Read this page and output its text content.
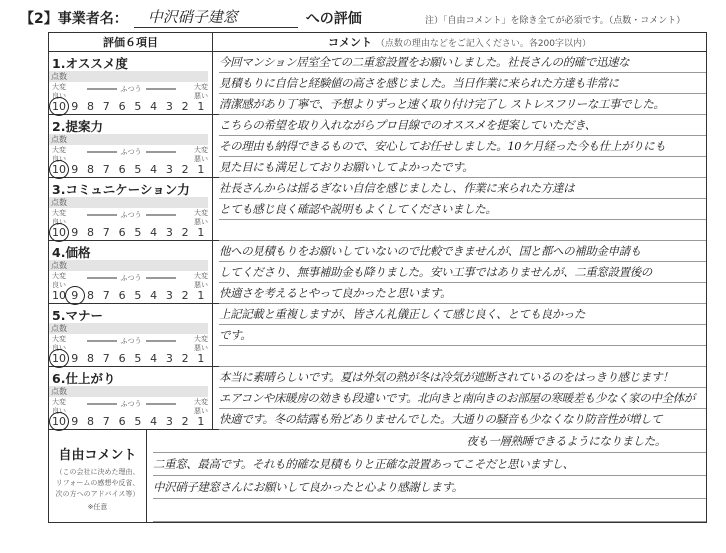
【2】事業者名：	中沢硝子建窓	への評価	注）「自由コメント」を除き全てが必須です。（点数・コメント）
評価６項目	コメント （点数の理由などをご記入ください。各200字以内）
1.オススメ度
点数
大変良い
ふつう	大変悪い
10 9 8 7 6 5 4 3 2 1
今回マンション居室全ての二重窓設置をお願いしました。社長さんの的確で迅速な
見積もりに自信と経験値の高さを感じました。当日作業に来られた方達も非常に
清潔感があり丁寧で、予想よりずっと速く取り付け完了し ストレスフリーな工事でした。
2.提案力
点数
大変良い
ふつう	大変悪い
10 9 8 7 6 5 4 3 2 1
こちらの希望を取り入れながらプロ目線でのオススメを提案していただき、
その理由も納得できるもので、安心してお任せしました。10ケ月経った今も仕上がりにも
見た目にも満足しておりお願いしてよかったです。
3.コミュニケーション力
点数
大変良い
ふつう	大変悪い
10 9 8 7 6 5 4 3 2 1
社長さんからは揺るぎない自信を感じましたし、作業に来られた方達は
とても感じ良く確認や説明もよくしてくださいました。
4.価格
点数
大変良い
ふつう	大変悪い
10 9 8 7 6 5 4 3 2 1
他への見積もりをお願いしていないので比較できませんが、国と都への補助金申請も
してくださり、無事補助金も降りました。安い工事ではありませんが、二重窓設置後の
快適さを考えるとやって良かったと思います。
5.マナー
点数
大変良い
ふつう	大変悪い
10 9 8 7 6 5 4 3 2 1
上記記載と重複しますが、皆さん礼儀正しくて感じ良く、とても良かった
です。
6.仕上がり
点数
大変良い
ふつう	大変悪い
10 9 8 7 6 5 4 3 2 1
本当に素晴らしいです。夏は外気の熱が冬は冷気が遮断されているのをはっきり感じます！
エアコンや床暖房の効きも段違いです。北向きと南向きのお部屋の寒暖差も少なく家の中全体が
快適です。冬の結露も殆どありませんでした。大通りの騒音も少なくなり防音性が増して
自由コメント
（この会社に決めた理由、リフォームの感想や反省、次の方へのアドバイス等）
※任意
夜も一層熟睡できるようになりました。
二重窓、最高です。それも的確な見積もりと正確な設置あってこそだと思いますし、
中沢硝子建窓さんにお願いして良かったと心より感謝します。
